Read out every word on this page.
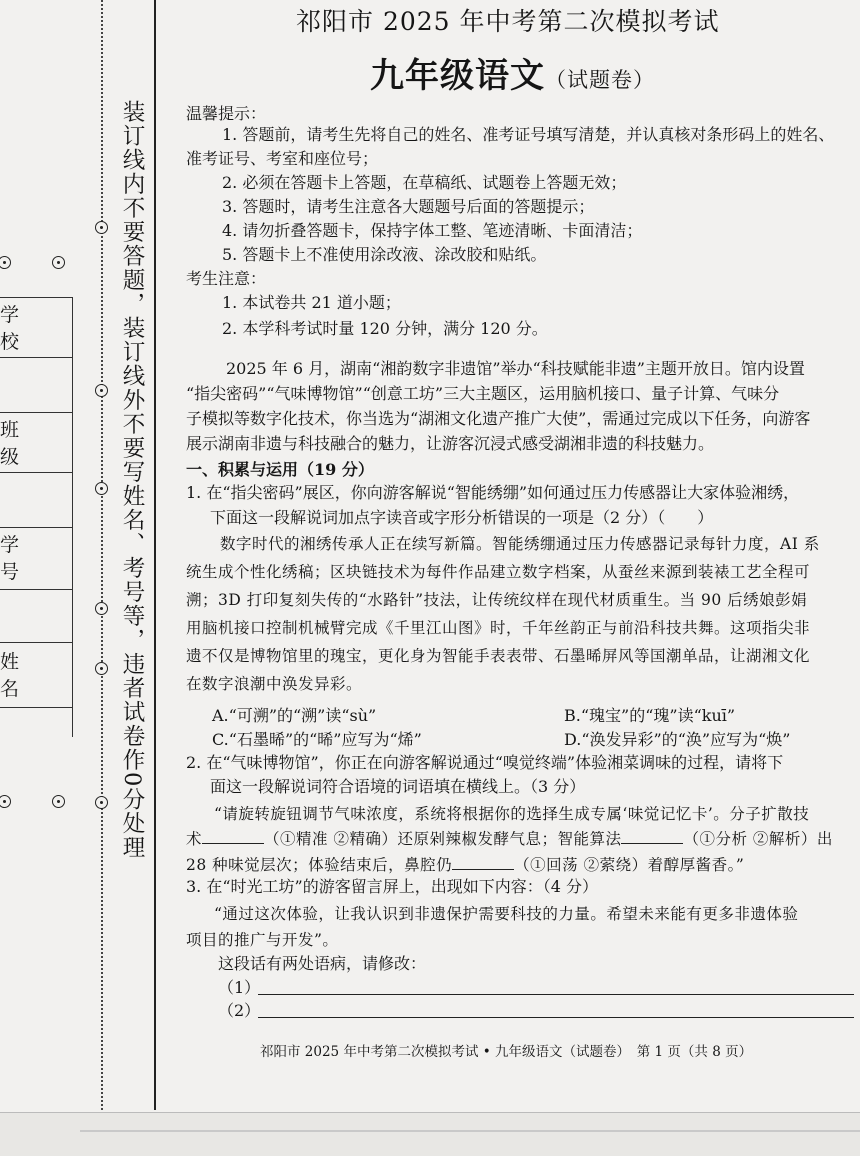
学　　校
班　　级
学　　号
姓　　名	装订线内不要答题，装订线外不要写姓名、考号等，违者试卷作0分处理
祁阳市 2025 年中考第二次模拟考试
九年级语文（试题卷）
温馨提示：
1. 答题前，请考生先将自己的姓名、准考证号填写清楚，并认真核对条形码上的姓名、
准考证号、考室和座位号；
2. 必须在答题卡上答题，在草稿纸、试题卷上答题无效；
3. 答题时，请考生注意各大题题号后面的答题提示；
4. 请勿折叠答题卡，保持字体工整、笔迹清晰、卡面清洁；
5. 答题卡上不准使用涂改液、涂改胶和贴纸。
考生注意：
1. 本试卷共 21 道小题；
2. 本学科考试时量 120 分钟，满分 120 分。
2025 年 6 月，湖南“湘韵数字非遗馆”举办“科技赋能非遗”主题开放日。馆内设置
“指尖密码”“气味博物馆”“创意工坊”三大主题区，运用脑机接口、量子计算、气味分
子模拟等数字化技术，你当选为“湖湘文化遗产推广大使”，需通过完成以下任务，向游客
展示湖南非遗与科技融合的魅力，让游客沉浸式感受湖湘非遗的科技魅力。
一、积累与运用（19 分）
1. 在“指尖密码”展区，你向游客解说“智能绣绷”如何通过压力传感器让大家体验湘绣，
下面这一段解说词加点字读音或字形分析错误的一项是（2 分）（　　）
数字时代的湘绣传承人正在续写新篇。智能绣绷通过压力传感器记录每针力度，AI 系
统生成个性化绣稿；区块链技术为每件作品建立数字档案，从蚕丝来源到装裱工艺全程可
溯；3D 打印复刻失传的“水路针”技法，让传统纹样在现代材质重生。当 90 后绣娘彭娟
用脑机接口控制机械臂完成《千里江山图》时，千年丝韵正与前沿科技共舞。这项指尖非
遗不仅是博物馆里的瑰宝，更化身为智能手表表带、石墨晞屏风等国潮单品，让湖湘文化
在数字浪潮中涣发异彩。
A.“可溯”的“溯”读“sù”	B.“瑰宝”的“瑰”读“kuī”
C.“石墨晞”的“晞”应写为“烯”	D.“涣发异彩”的“涣”应写为“焕”
2. 在“气味博物馆”，你正在向游客解说通过“嗅觉终端”体验湘菜调味的过程，请将下
面这一段解说词符合语境的词语填在横线上。（3 分）
“请旋转旋钮调节气味浓度，系统将根据你的选择生成专属‘味觉记忆卡’。分子扩散技
术	（①精准 ②精确）还原剁辣椒发酵气息；智能算法	（①分析 ②解析）出
28 种味觉层次；体验结束后，鼻腔仍	（①回荡 ②萦绕）着醇厚酱香。”
3. 在“时光工坊”的游客留言屏上，出现如下内容：（4 分）
“通过这次体验，让我认识到非遗保护需要科技的力量。希望未来能有更多非遗体验
项目的推广与开发”。
这段话有两处语病，请修改：
（1）
（2）
祁阳市 2025 年中考第二次模拟考试 • 九年级语文（试题卷）　第 1 页（共 8 页）
